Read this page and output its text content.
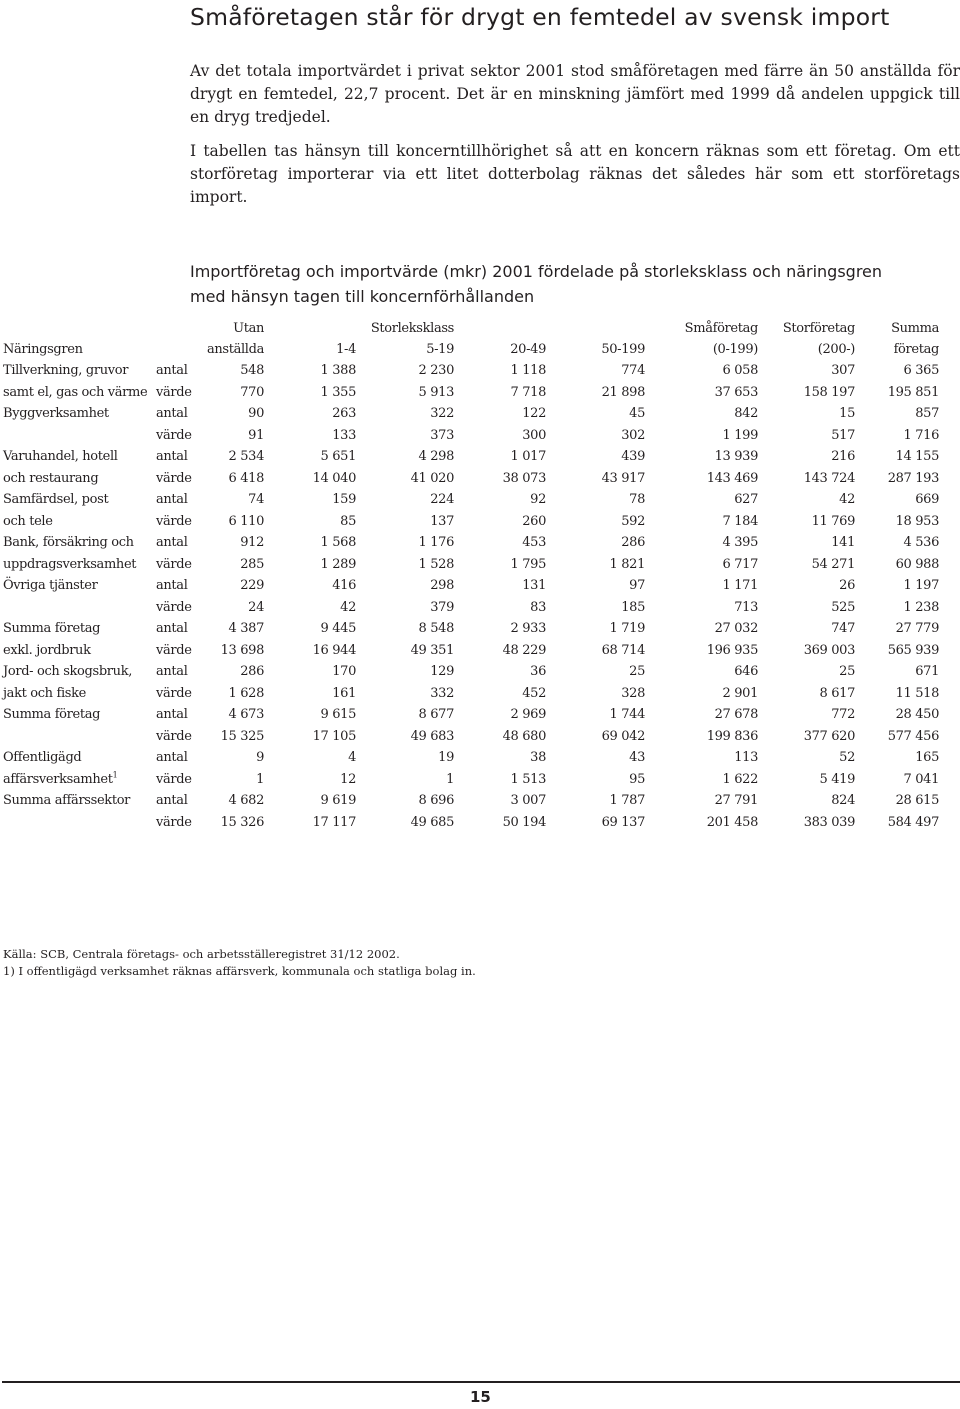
Småföretagen står för drygt en femtedel av svensk import

Av det totala importvärdet i privat sektor 2001 stod småföretagen med färre än 50 anställda för drygt en femtedel, 22,7 procent. Det är en minskning jämfört med 1999 då andelen uppgick till en dryg tredjedel.

I tabellen tas hänsyn till koncerntillhörighet så att en koncern räknas som ett företag. Om ett storföretag importerar via ett litet dotterbolag räknas det således här som ett storföretags import.

Importföretag och importvärde (mkr) 2001 fördelade på storleksklass och näringsgren med hänsyn tagen till koncernförhållanden
		Utan		Storleksklass			Småföretag	Storföretag	Summa
Näringsgren		anställda	1-4	5-19	20-49	50-199	(0-199)	(200-)	företag
Tillverkning, gruvor	antal	548	1 388	2 230	1 118	774	6 058	307	6 365
samt el, gas och värme	värde	770	1 355	5 913	7 718	21 898	37 653	158 197	195 851
Byggverksamhet	antal	90	263	322	122	45	842	15	857
	värde	91	133	373	300	302	1 199	517	1 716
Varuhandel, hotell	antal	2 534	5 651	4 298	1 017	439	13 939	216	14 155
och restaurang	värde	6 418	14 040	41 020	38 073	43 917	143 469	143 724	287 193
Samfärdsel, post	antal	74	159	224	92	78	627	42	669
och tele	värde	6 110	85	137	260	592	7 184	11 769	18 953
Bank, försäkring och	antal	912	1 568	1 176	453	286	4 395	141	4 536
uppdragsverksamhet	värde	285	1 289	1 528	1 795	1 821	6 717	54 271	60 988
Övriga tjänster	antal	229	416	298	131	97	1 171	26	1 197
	värde	24	42	379	83	185	713	525	1 238
Summa företag	antal	4 387	9 445	8 548	2 933	1 719	27 032	747	27 779
exkl. jordbruk	värde	13 698	16 944	49 351	48 229	68 714	196 935	369 003	565 939
Jord- och skogsbruk,	antal	286	170	129	36	25	646	25	671
jakt och fiske	värde	1 628	161	332	452	328	2 901	8 617	11 518
Summa företag	antal	4 673	9 615	8 677	2 969	1 744	27 678	772	28 450
	värde	15 325	17 105	49 683	48 680	69 042	199 836	377 620	577 456
Offentligägd	antal	9	4	19	38	43	113	52	165
affärsverksamhet$^1$	värde	1	12	1	1 513	95	1 622	5 419	7 041
Summa affärssektor	antal	4 682	9 619	8 696	3 007	1 787	27 791	824	28 615
	värde	15 326	17 117	49 685	50 194	69 137	201 458	383 039	584 497

Källa: SCB, Centrala företags- och arbetsställeregistret 31/12 2002.

1) I offentligägd verksamhet räknas affärsverk, kommunala och statliga bolag in.

15
